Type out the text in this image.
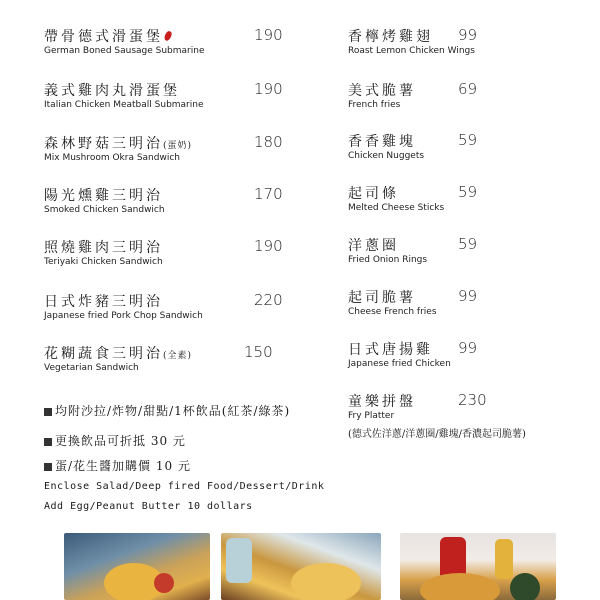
帶骨德式滑蛋堡
German Boned Sausage Submarine
190
義式雞肉丸滑蛋堡
Italian Chicken Meatball Submarine
190
森林野菇三明治(蛋奶)
Mix Mushroom Okra Sandwich
180
陽光燻雞三明治
Smoked Chicken Sandwich
170
照燒雞肉三明治
Teriyaki Chicken Sandwich
190
日式炸豬三明治
Japanese fried Pork Chop Sandwich
220
花糊蔬食三明治(全素)
Vegetarian Sandwich
150
香檸烤雞翅
Roast Lemon Chicken Wings
99
美式脆薯
French fries
69
香香雞塊
Chicken Nuggets
59
起司條
Melted Cheese Sticks
59
洋蔥圈
Fried Onion Rings
59
起司脆薯
Cheese French fries
99
日式唐揚雞
Japanese fried Chicken
99
童樂拼盤
Fry Platter
230
(德式佐洋蔥/洋蔥圈/雞塊/香濃起司脆薯)
均附沙拉/炸物/甜點/1杯飲品(紅茶/綠茶)
更換飲品可折抵 30 元
蛋/花生醬加購價 10 元
Enclose Salad/Deep fired Food/Dessert/Drink
Add Egg/Peanut Butter 10 dollars
